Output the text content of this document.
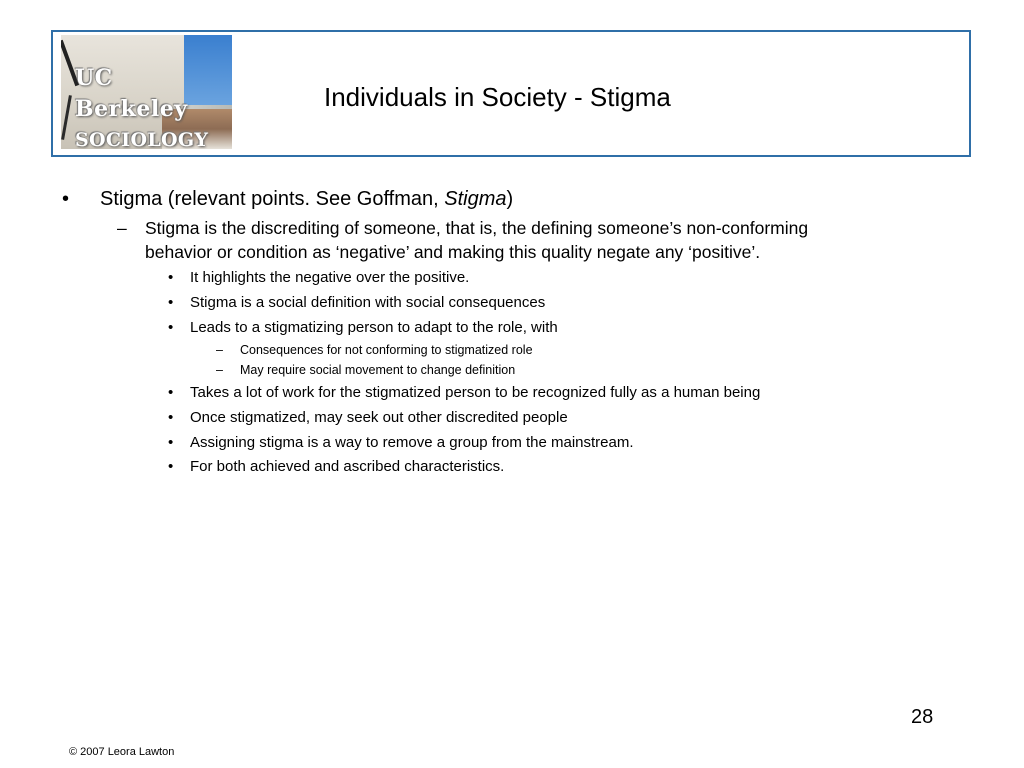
UC Berkeley
SOCIOLOGY
Individuals in Society - Stigma
• Stigma (relevant points. See Goffman, Stigma)
– Stigma is the discrediting of someone, that is, the defining someone’s non-conforming
behavior or condition as ‘negative’ and making this quality negate any ‘positive’.
• It highlights the negative over the positive.
• Stigma is a social definition with social consequences
• Leads to a stigmatizing person to adapt to the role, with
– Consequences for not conforming to stigmatized role
– May require social movement to change definition
• Takes a lot of work for the stigmatized person to be recognized fully as a human being
• Once stigmatized, may seek out other discredited people
• Assigning stigma is a way to remove a group from the mainstream.
• For both achieved and ascribed characteristics.
28
© 2007 Leora Lawton
